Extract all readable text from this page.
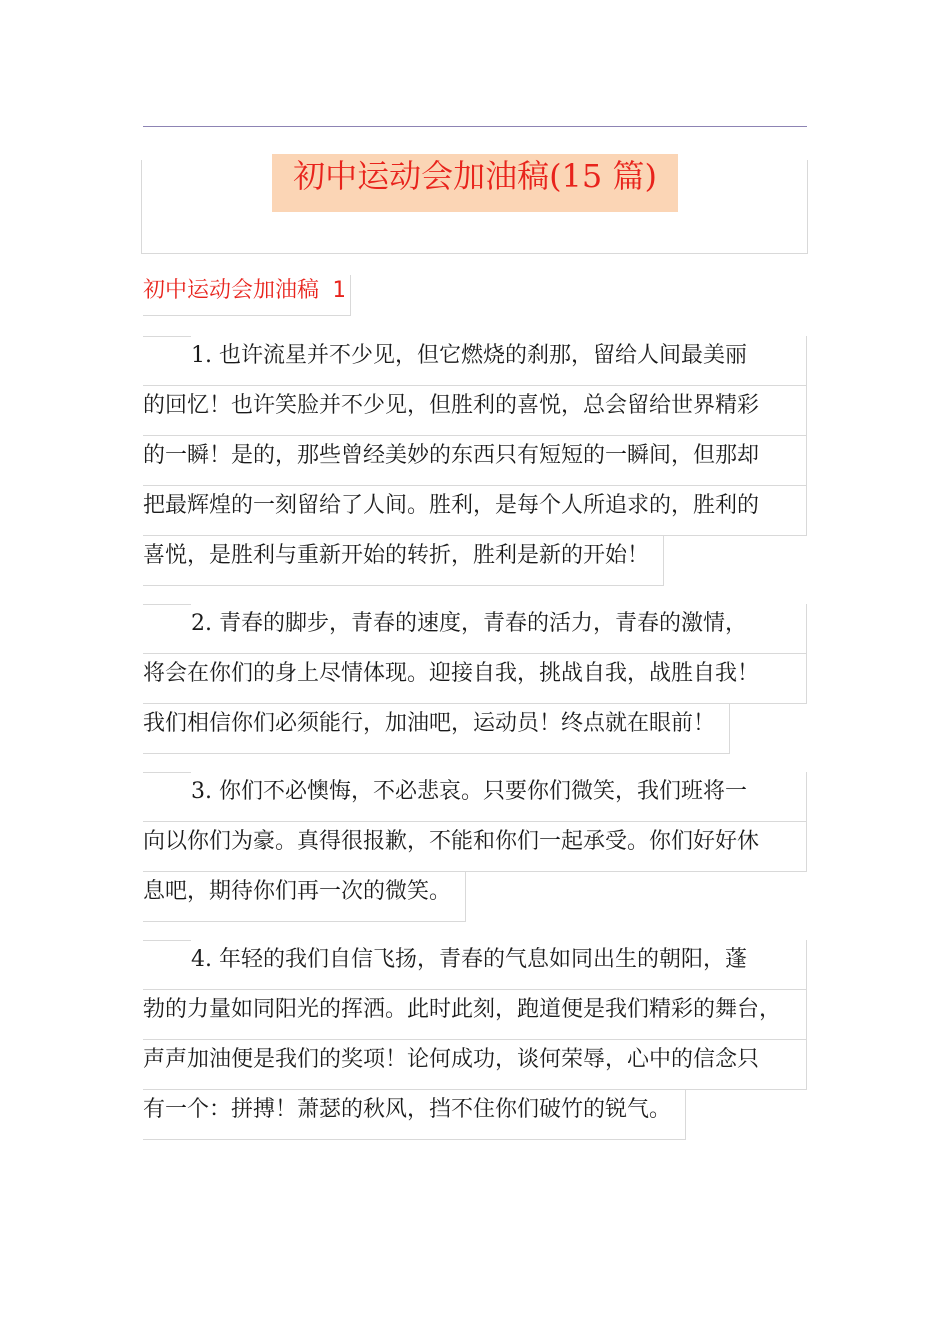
初中运动会加油稿(15 篇)
初中运动会加油稿 1
1. 也许流星并不少见，但它燃烧的刹那，留给人间最美丽
的回忆！也许笑脸并不少见，但胜利的喜悦，总会留给世界精彩
的一瞬！是的，那些曾经美妙的东西只有短短的一瞬间，但那却
把最辉煌的一刻留给了人间。胜利，是每个人所追求的，胜利的
喜悦，是胜利与重新开始的转折，胜利是新的开始！
2. 青春的脚步，青春的速度，青春的活力，青春的激情，
将会在你们的身上尽情体现。迎接自我，挑战自我，战胜自我！
我们相信你们必须能行，加油吧，运动员！终点就在眼前！
3. 你们不必懊悔，不必悲哀。只要你们微笑，我们班将一
向以你们为豪。真得很报歉，不能和你们一起承受。你们好好休
息吧，期待你们再一次的微笑。
4. 年轻的我们自信飞扬，青春的气息如同出生的朝阳，蓬
勃的力量如同阳光的挥洒。此时此刻，跑道便是我们精彩的舞台，
声声加油便是我们的奖项！论何成功，谈何荣辱，心中的信念只
有一个：拼搏！萧瑟的秋风，挡不住你们破竹的锐气。
